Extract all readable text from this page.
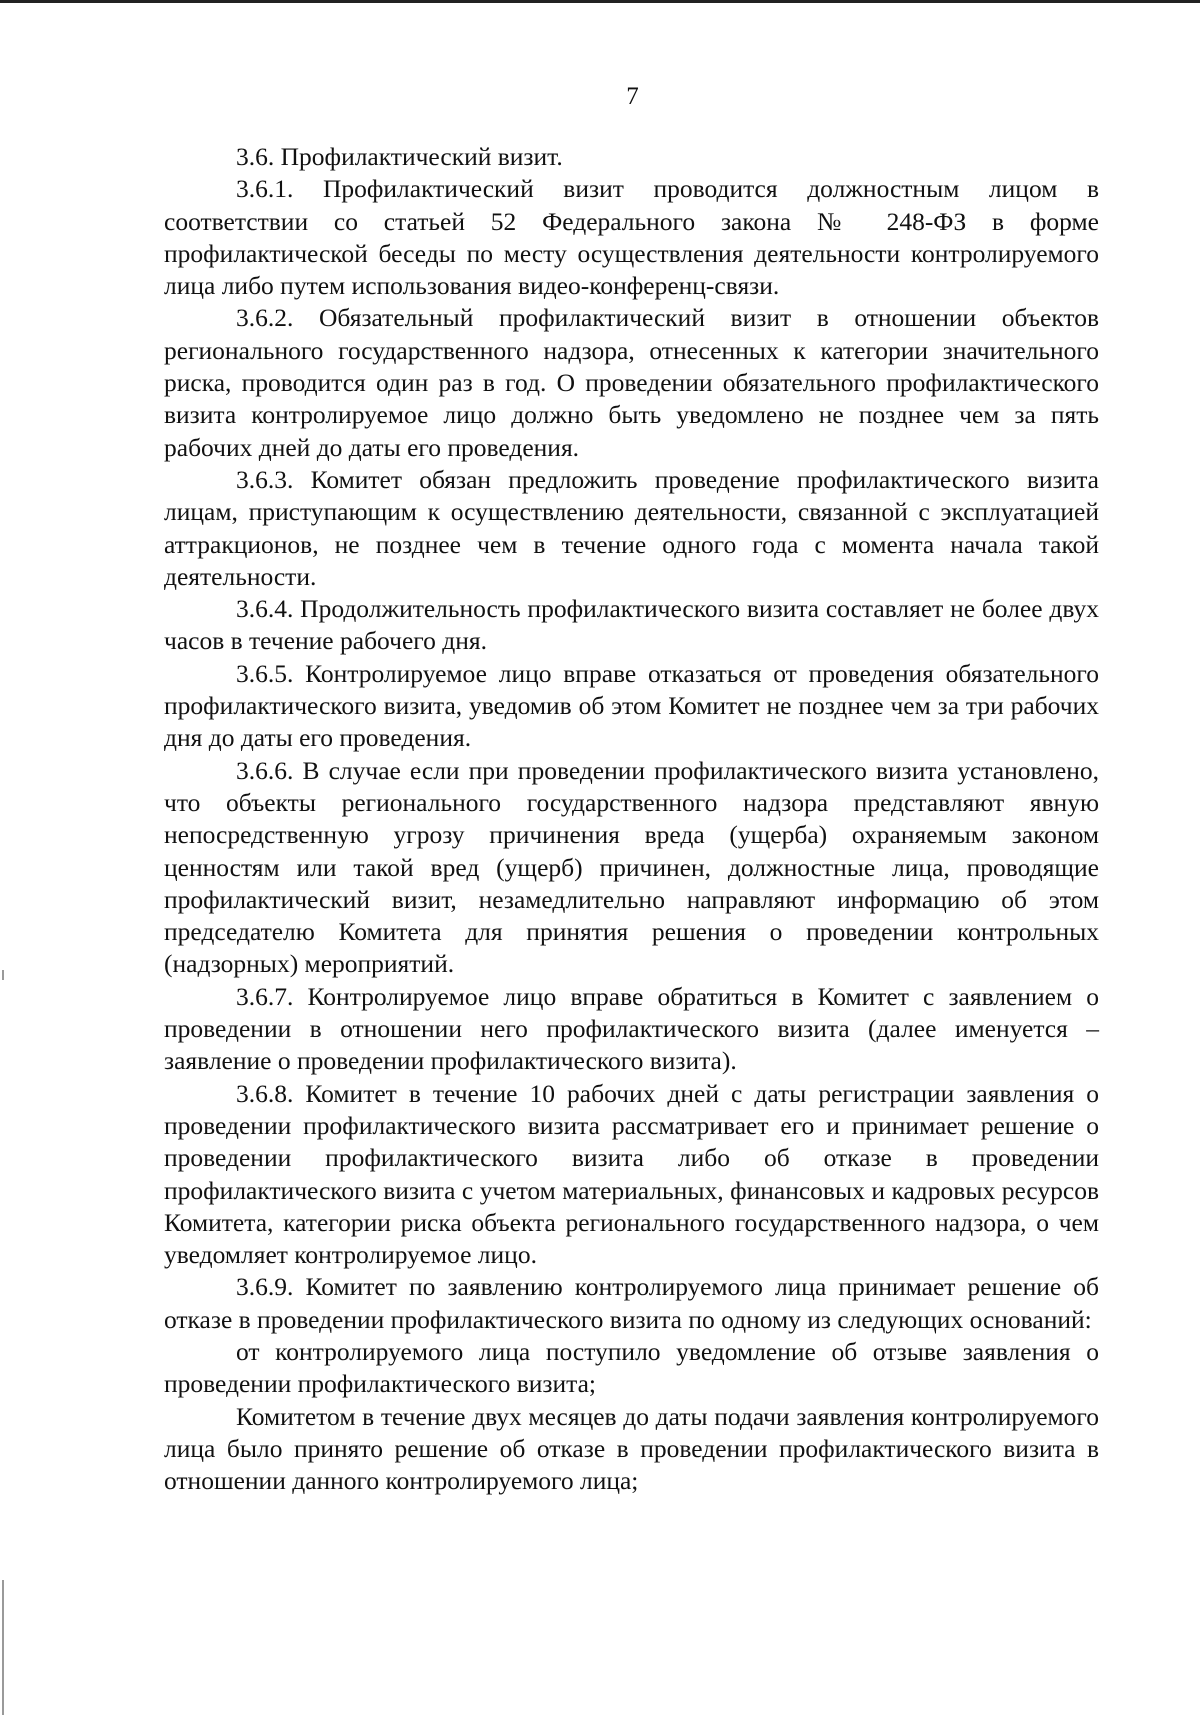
7

3.6. Профилактический визит.

3.6.1. Профилактический визит проводится должностным лицом в соответствии со статьей 52 Федерального закона № 248-ФЗ в форме профилактической беседы по месту осуществления деятельности контролируемого лица либо путем использования видео-конференц-связи.

3.6.2. Обязательный профилактический визит в отношении объектов регионального государственного надзора, отнесенных к категории значительного риска, проводится один раз в год. О проведении обязательного профилактического визита контролируемое лицо должно быть уведомлено не позднее чем за пять рабочих дней до даты его проведения.

3.6.3. Комитет обязан предложить проведение профилактического визита лицам, приступающим к осуществлению деятельности, связанной с эксплуатацией аттракционов, не позднее чем в течение одного года с момента начала такой деятельности.

3.6.4. Продолжительность профилактического визита составляет не более двух часов в течение рабочего дня.

3.6.5. Контролируемое лицо вправе отказаться от проведения обязательного профилактического визита, уведомив об этом Комитет не позднее чем за три рабочих дня до даты его проведения.

3.6.6. В случае если при проведении профилактического визита установлено, что объекты регионального государственного надзора представляют явную непосредственную угрозу причинения вреда (ущерба) охраняемым законом ценностям или такой вред (ущерб) причинен, должностные лица, проводящие профилактический визит, незамедлительно направляют информацию об этом председателю Комитета для принятия решения о проведении контрольных (надзорных) мероприятий.

3.6.7. Контролируемое лицо вправе обратиться в Комитет с заявлением о проведении в отношении него профилактического визита (далее именуется – заявление о проведении профилактического визита).

3.6.8. Комитет в течение 10 рабочих дней с даты регистрации заявления о проведении профилактического визита рассматривает его и принимает решение о проведении профилактического визита либо об отказе в проведении профилактического визита с учетом материальных, финансовых и кадровых ресурсов Комитета, категории риска объекта регионального государственного надзора, о чем уведомляет контролируемое лицо.

3.6.9. Комитет по заявлению контролируемого лица принимает решение об отказе в проведении профилактического визита по одному из следующих оснований:

от контролируемого лица поступило уведомление об отзыве заявления о проведении профилактического визита;

Комитетом в течение двух месяцев до даты подачи заявления контролируемого лица было принято решение об отказе в проведении профилактического визита в отношении данного контролируемого лица;
